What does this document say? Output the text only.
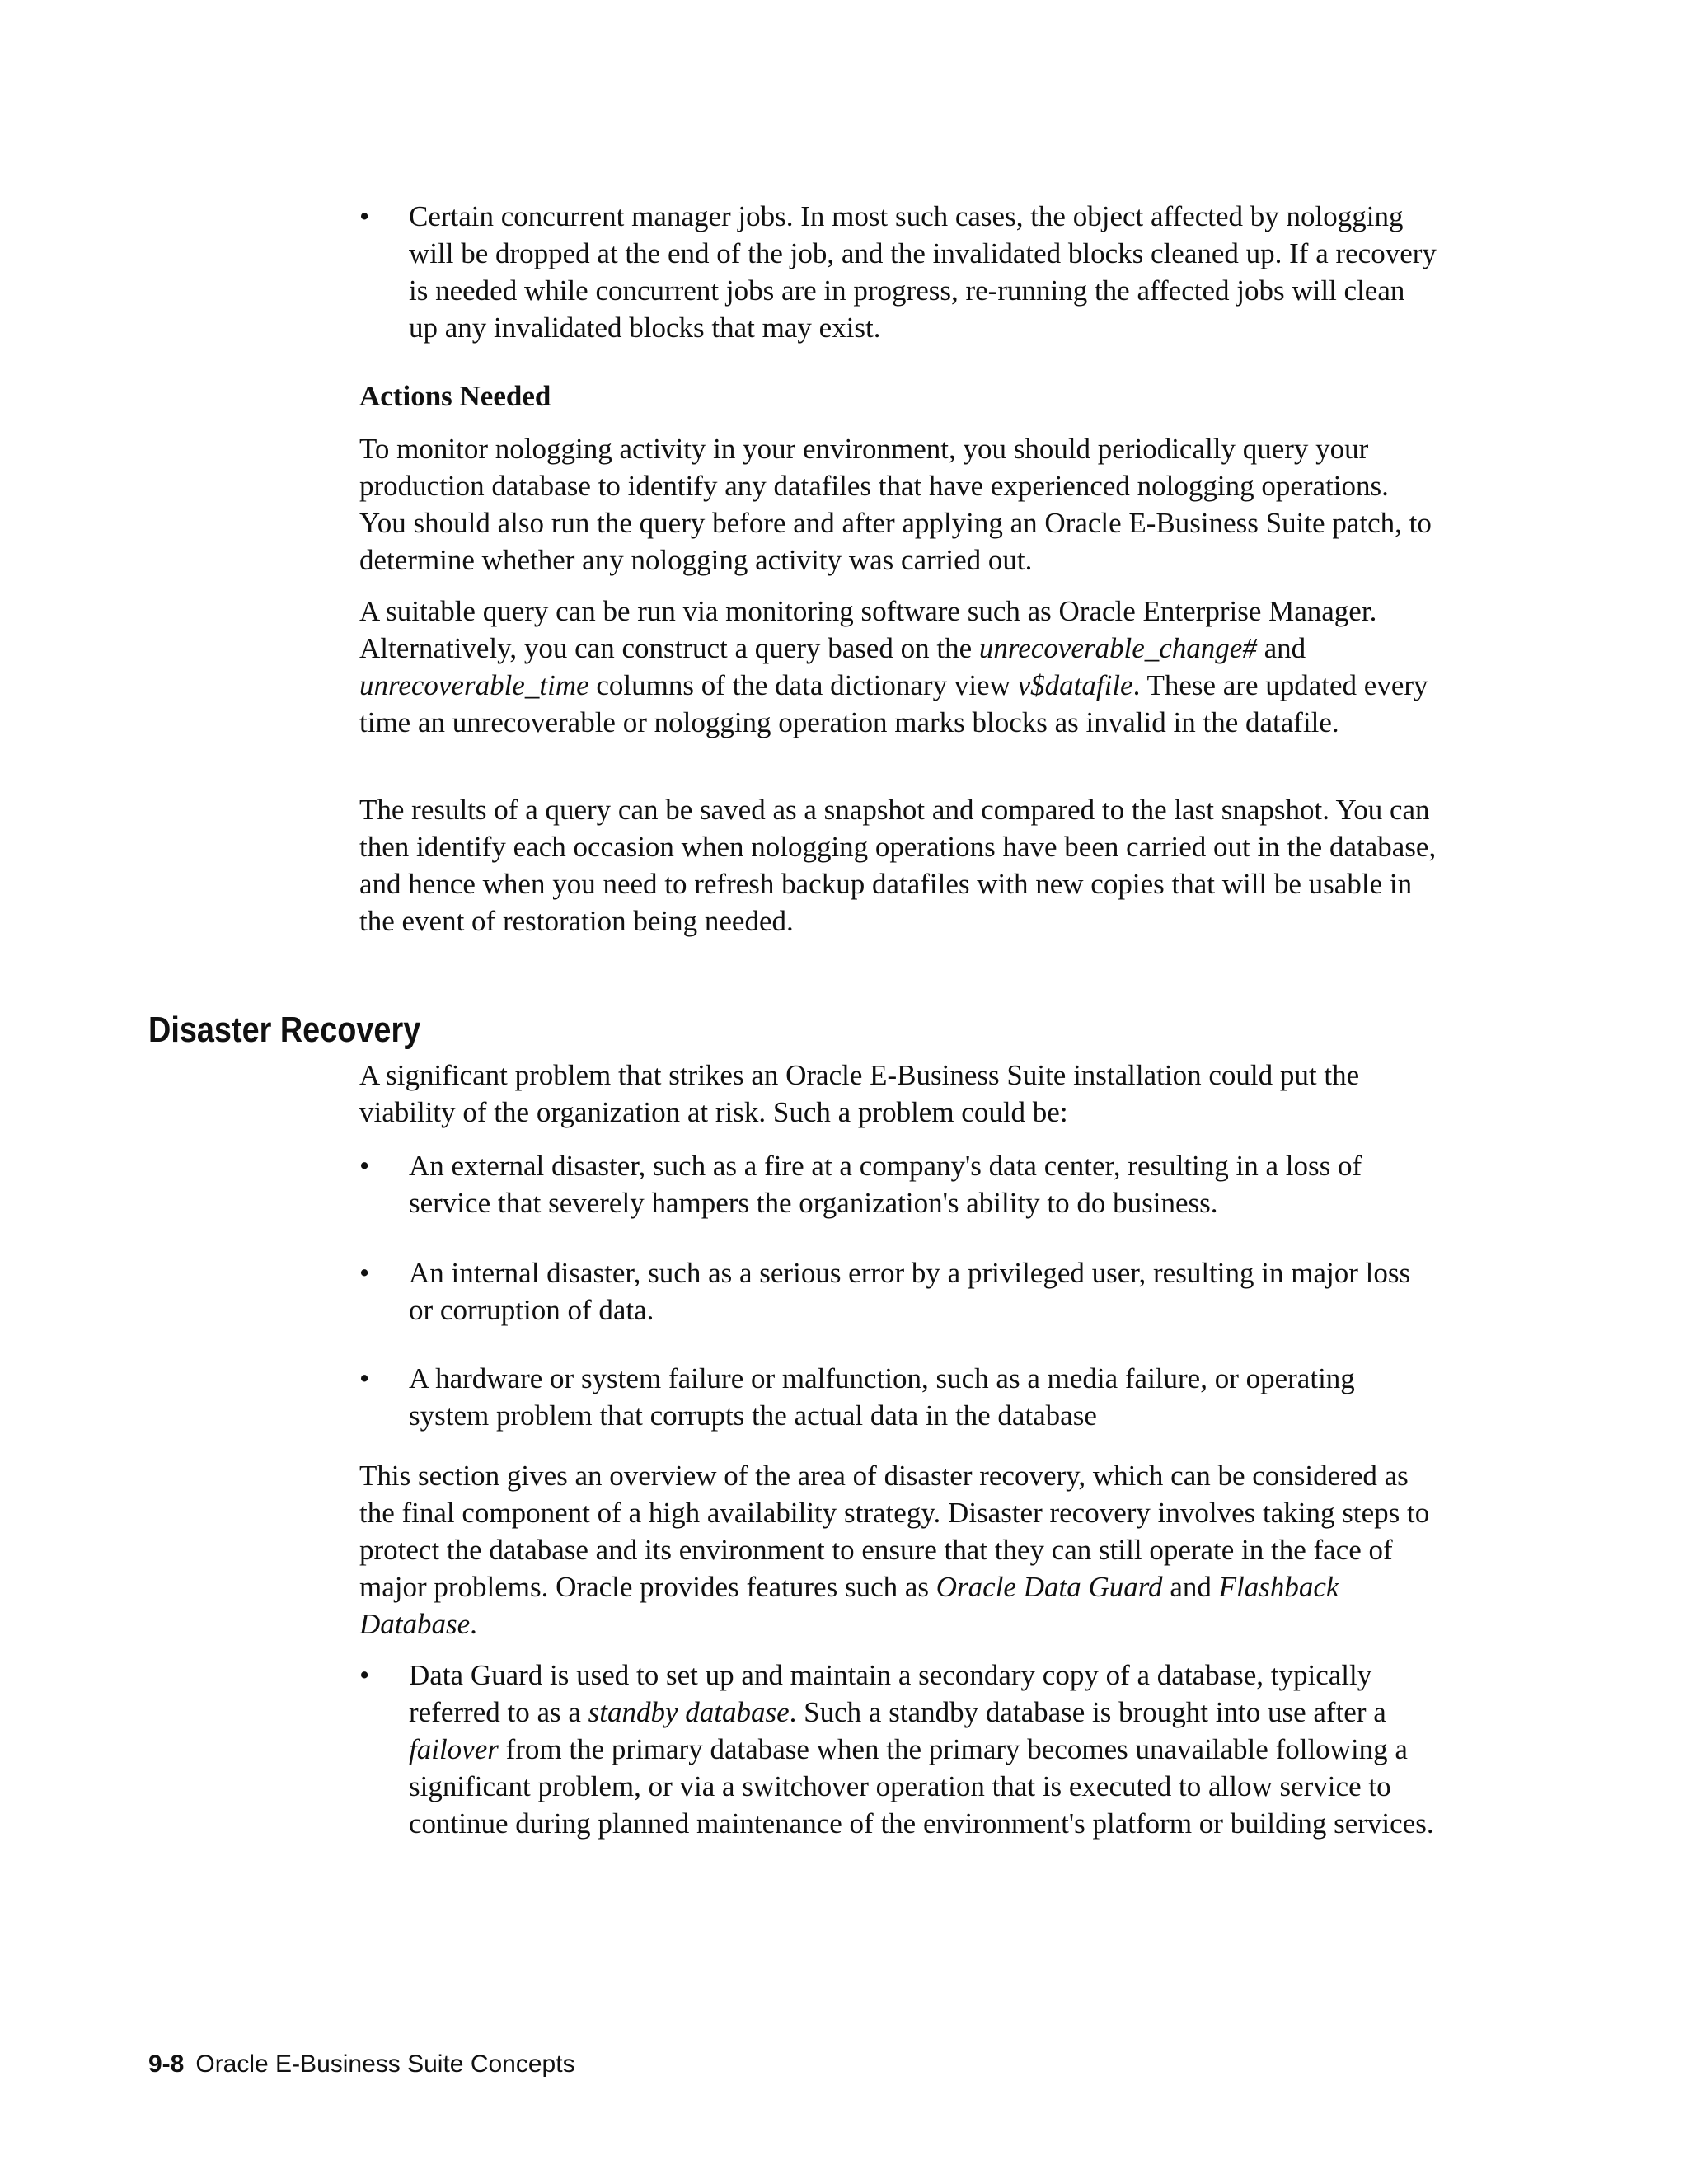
• Certain concurrent manager jobs. In most such cases, the object affected by nologging will be dropped at the end of the job, and the invalidated blocks cleaned up. If a recovery is needed while concurrent jobs are in progress, re-running the affected jobs will clean up any invalidated blocks that may exist.

Actions Needed

To monitor nologging activity in your environment, you should periodically query your production database to identify any datafiles that have experienced nologging operations. You should also run the query before and after applying an Oracle E-Business Suite patch, to determine whether any nologging activity was carried out.

A suitable query can be run via monitoring software such as Oracle Enterprise Manager. Alternatively, you can construct a query based on the unrecoverable_change# and unrecoverable_time columns of the data dictionary view v$datafile. These are updated every time an unrecoverable or nologging operation marks blocks as invalid in the datafile.

The results of a query can be saved as a snapshot and compared to the last snapshot. You can then identify each occasion when nologging operations have been carried out in the database, and hence when you need to refresh backup datafiles with new copies that will be usable in the event of restoration being needed.

Disaster Recovery

A significant problem that strikes an Oracle E-Business Suite installation could put the viability of the organization at risk. Such a problem could be:

• An external disaster, such as a fire at a company's data center, resulting in a loss of service that severely hampers the organization's ability to do business.

• An internal disaster, such as a serious error by a privileged user, resulting in major loss or corruption of data.

• A hardware or system failure or malfunction, such as a media failure, or operating system problem that corrupts the actual data in the database

This section gives an overview of the area of disaster recovery, which can be considered as the final component of a high availability strategy. Disaster recovery involves taking steps to protect the database and its environment to ensure that they can still operate in the face of major problems. Oracle provides features such as Oracle Data Guard and Flashback Database.

• Data Guard is used to set up and maintain a secondary copy of a database, typically referred to as a standby database. Such a standby database is brought into use after a failover from the primary database when the primary becomes unavailable following a significant problem, or via a switchover operation that is executed to allow service to continue during planned maintenance of the environment's platform or building services.

9-8 Oracle E-Business Suite Concepts
